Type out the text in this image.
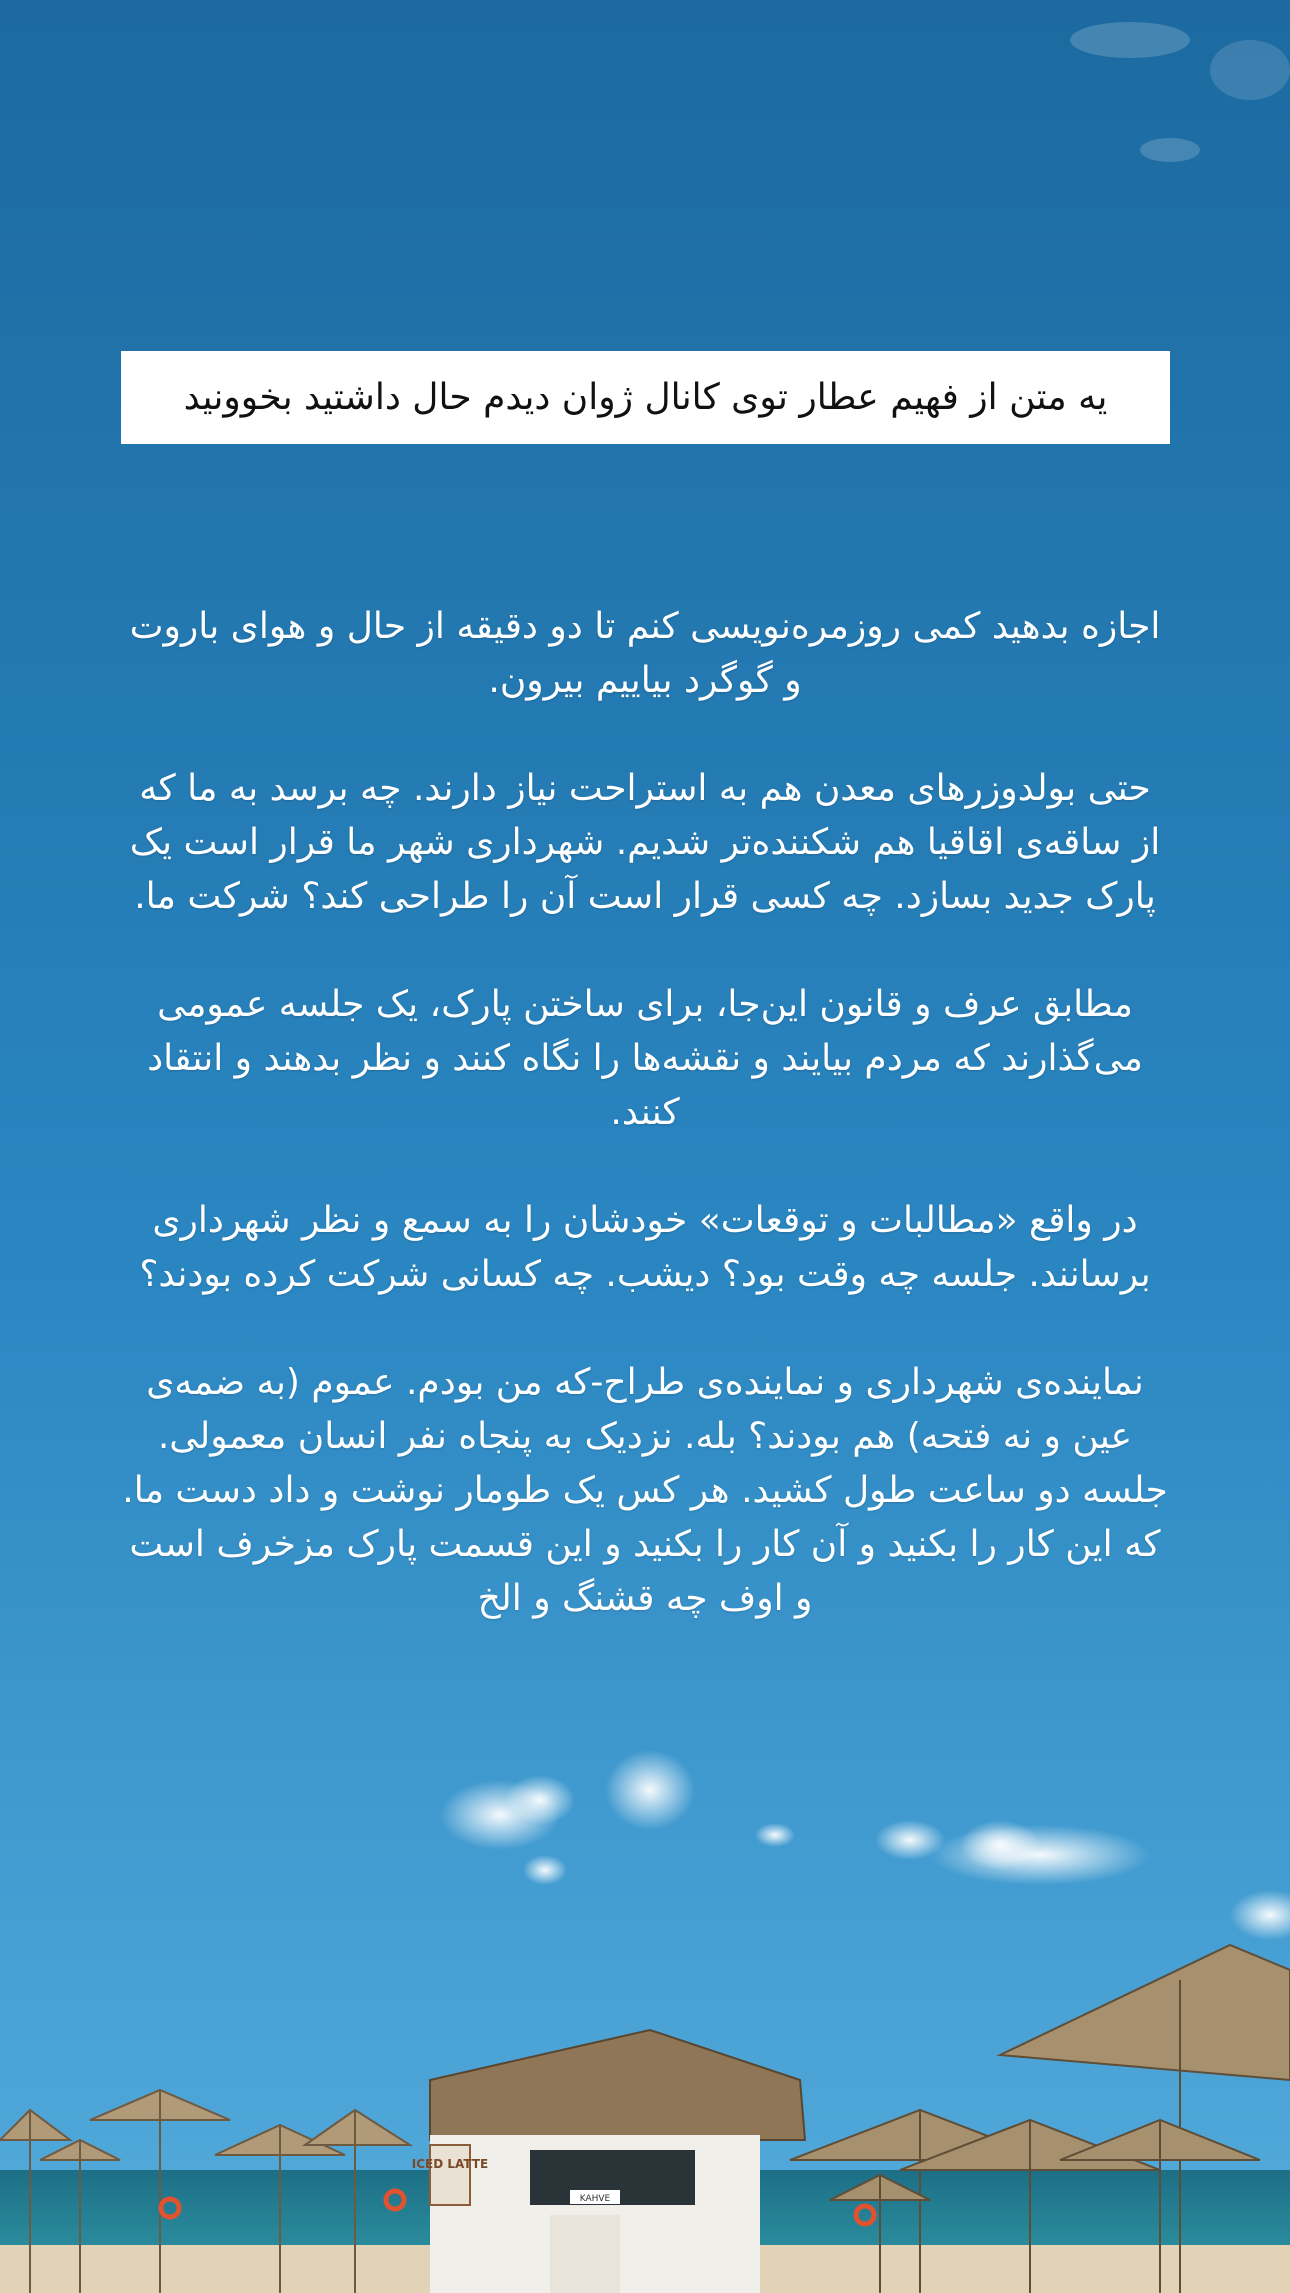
ICED LATTE
KAHVE
یه متن از فهیم عطار توی کانال ژوان دیدم حال داشتید بخوونید

اجازه بدهید کمی روزمره‌نویسی کنم تا دو دقیقه از حال و هوای باروت
و گوگرد بیاییم بیرون.

حتی بولدوزرهای معدن هم به استراحت نیاز دارند. چه برسد به ما که
از ساقه‌ی اقاقیا هم شکننده‌تر شدیم. شهرداری شهر ما قرار است یک
پارک جدید بسازد. چه کسی قرار است آن را طراحی کند؟ شرکت ما.

مطابق عرف و قانون این‌جا، برای ساختن پارک، یک جلسه عمومی
می‌گذارند که مردم بیایند و نقشه‌ها را نگاه کنند و نظر بدهند و انتقاد
کنند.

در واقع «مطالبات و توقعات» خودشان را به سمع و نظر شهرداری
برسانند. جلسه چه وقت بود؟ دیشب. چه کسانی شرکت کرده بودند؟

نماینده‌ی شهرداری و نماینده‌ی طراح-که من بودم. عموم (به ضمه‌ی
عین و نه فتحه) هم بودند؟ بله. نزدیک به پنجاه نفر انسان معمولی.
جلسه دو ساعت طول کشید. هر کس یک طومار نوشت و داد دست ما.
که این کار را بکنید و آن کار را بکنید و این قسمت پارک مزخرف است
و اوف چه قشنگ و الخ
